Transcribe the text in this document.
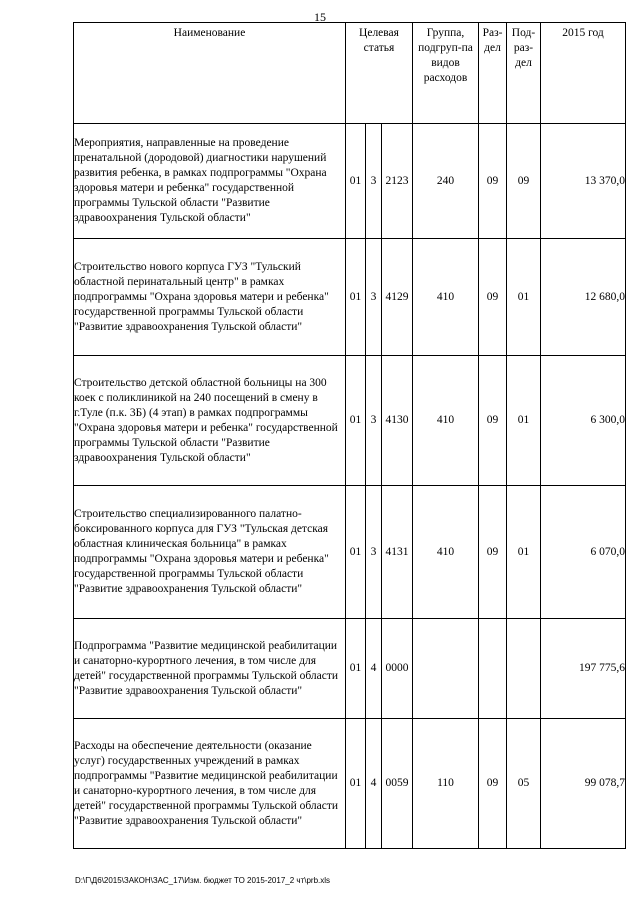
15
Наименование	Целевая статья			Группа, подгруп-па видов расходов	Раз-дел	Под-раз-дел	2015 год
Мероприятия, направленные на проведение пренатальной (дородовой) диагностики нарушений развития ребенка, в рамках подпрограммы "Охрана здоровья матери и ребенка" государственной программы Тульской области "Развитие здравоохранения Тульской области"	01	3	2123	240	09	09	13 370,0
Строительство нового корпуса ГУЗ "Тульский областной перинатальный центр" в рамках подпрограммы "Охрана здоровья матери и ребенка" государственной программы Тульской области "Развитие здравоохранения Тульской области"	01	3	4129	410	09	01	12 680,0
Строительство детской областной больницы на 300 коек с поликлиникой на 240 посещений в смену в г.Туле (п.к. 3Б) (4 этап) в рамках подпрограммы "Охрана здоровья матери и ребенка" государственной программы Тульской области "Развитие здравоохранения Тульской области"	01	3	4130	410	09	01	6 300,0
Строительство специализированного палатно-боксированного корпуса для ГУЗ "Тульская детская областная клиническая больница" в рамках подпрограммы "Охрана здоровья матери и ребенка" государственной программы Тульской области "Развитие здравоохранения Тульской области"	01	3	4131	410	09	01	6 070,0
Подпрограмма "Развитие медицинской реабилитации и санаторно-курортного лечения, в том числе для детей" государственной программы Тульской области "Развитие здравоохранения Тульской области"	01	4	0000				197 775,6
Расходы на обеспечение деятельности (оказание услуг) государственных учреждений в рамках подпрограммы "Развитие медицинской реабилитации и санаторно-курортного лечения, в том числе для детей" государственной программы Тульской области "Развитие здравоохранения Тульской области"	01	4	0059	110	09	05	99 078,7
D:\Г\Д6\2015\ЗАКОН\ЗАС_17\Изм. бюджет ТО 2015-2017_2 чт\prb.xls
